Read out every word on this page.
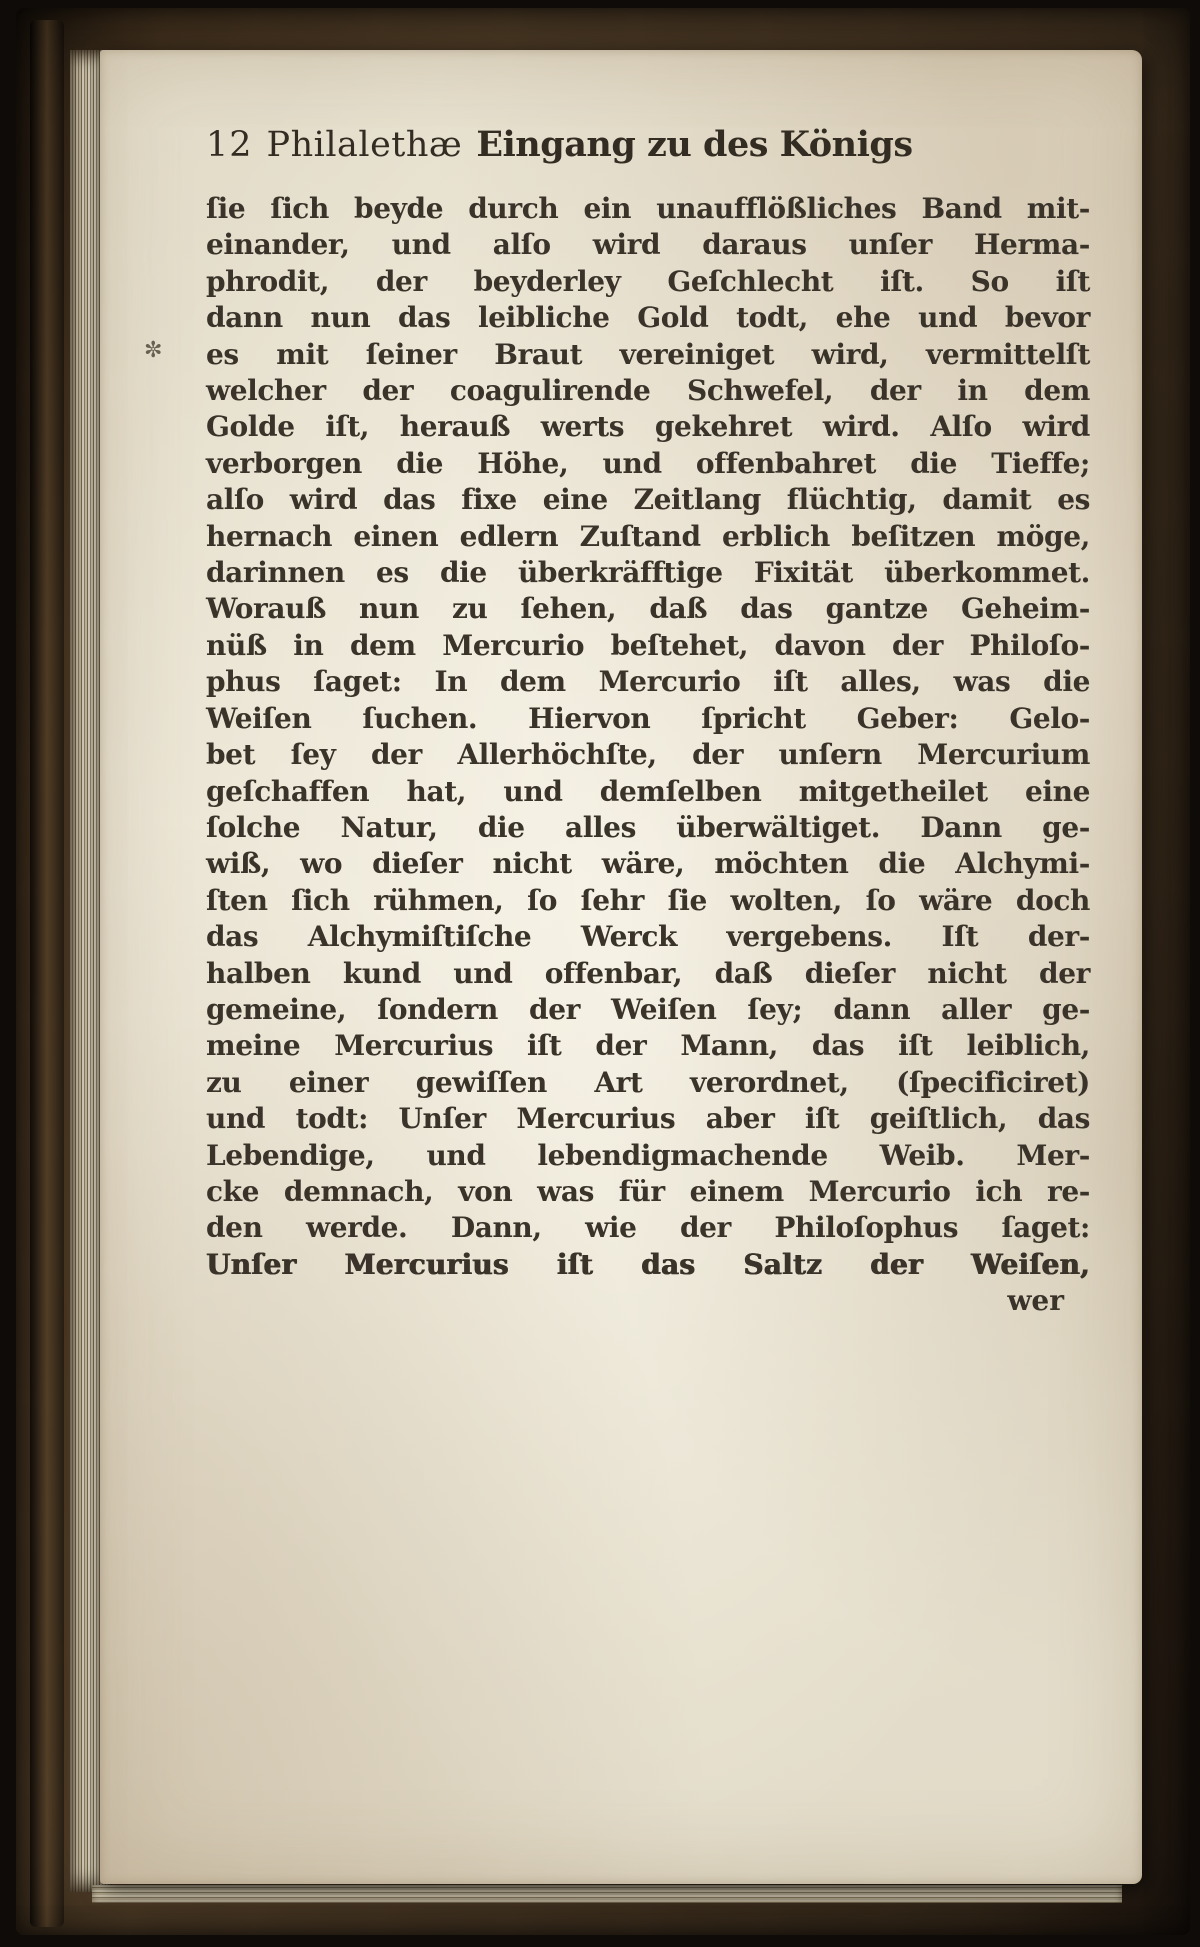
✼
12 Philalethæ Eingang zu des Königs
ſie ſich beyde durch ein unaufflößliches Band mit-
einander, und alſo wird daraus unſer Herma-
phrodit, der beyderley Geſchlecht iſt. So iſt
dann nun das leibliche Gold todt, ehe und bevor
es mit ſeiner Braut vereiniget wird, vermittelſt
welcher der coagulirende Schwefel, der in dem
Golde iſt, herauß werts gekehret wird. Alſo wird
verborgen die Höhe, und offenbahret die Tieffe;
alſo wird das fixe eine Zeitlang flüchtig, damit es
hernach einen edlern Zuſtand erblich beſitzen möge,
darinnen es die überkräfftige Fixität überkommet.
Worauß nun zu ſehen, daß das gantze Geheim-
nüß in dem Mercurio beſtehet, davon der Philoſo-
phus ſaget: In dem Mercurio iſt alles, was die
Weiſen ſuchen. Hiervon ſpricht Geber: Gelo-
bet ſey der Allerhöchſte, der unſern Mercurium
geſchaffen hat, und demſelben mitgetheilet eine
ſolche Natur, die alles überwältiget. Dann ge-
wiß, wo dieſer nicht wäre, möchten die Alchymi-
ſten ſich rühmen, ſo ſehr ſie wolten, ſo wäre doch
das Alchymiſtiſche Werck vergebens. Iſt der-
halben kund und offenbar, daß dieſer nicht der
gemeine, ſondern der Weiſen ſey; dann aller ge-
meine Mercurius iſt der Mann, das iſt leiblich,
zu einer gewiſſen Art verordnet, (ſpecificiret)
und todt: Unſer Mercurius aber iſt geiſtlich, das
Lebendige, und lebendigmachende Weib. Mer-
cke demnach, von was für einem Mercurio ich re-
den werde. Dann, wie der Philoſophus ſaget:
Unſer Mercurius iſt das Saltz der Weiſen,
wer
